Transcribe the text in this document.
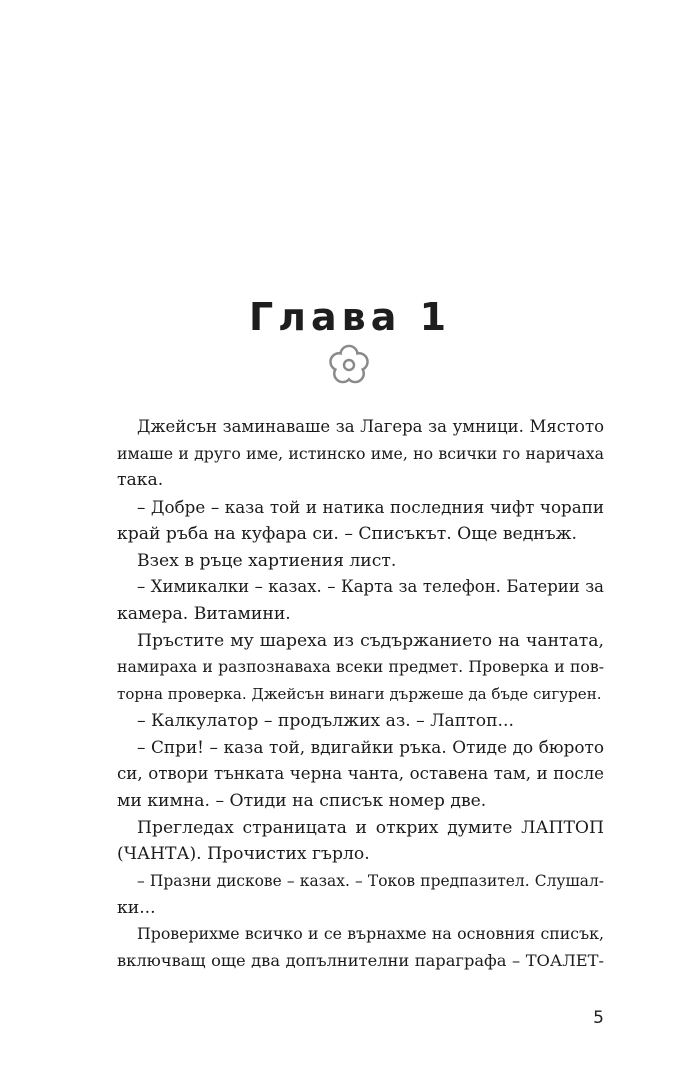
Глава 1
Джейсън заминаваше за Лагера за умници. Мястото
имаше и друго име, истинско име, но всички го наричаха
така.
– Добре – каза той и натика последния чифт чорапи
край ръба на куфара си. – Списъкът. Още веднъж.
Взех в ръце хартиения лист.
– Химикалки – казах. – Карта за телефон. Батерии за
камера. Витамини.
Пръстите му шареха из съдържанието на чантата,
намираха и разпознаваха всеки предмет. Проверка и пов-
торна проверка. Джейсън винаги държеше да бъде сигурен.
– Калкулатор – продължих аз. – Лаптоп...
– Спри! – каза той, вдигайки ръка. Отиде до бюрото
си, отвори тънката черна чанта, оставена там, и после
ми кимна. – Отиди на списък номер две.
Прегледах страницата и открих думите ЛАПТОП
(ЧАНТА). Прочистих гърло.
– Празни дискове – казах. – Токов предпазител. Слушал-
ки...
Проверихме всичко и се върнахме на основния списък,
включващ още два допълнителни параграфа – ТОАЛЕТ-
5
